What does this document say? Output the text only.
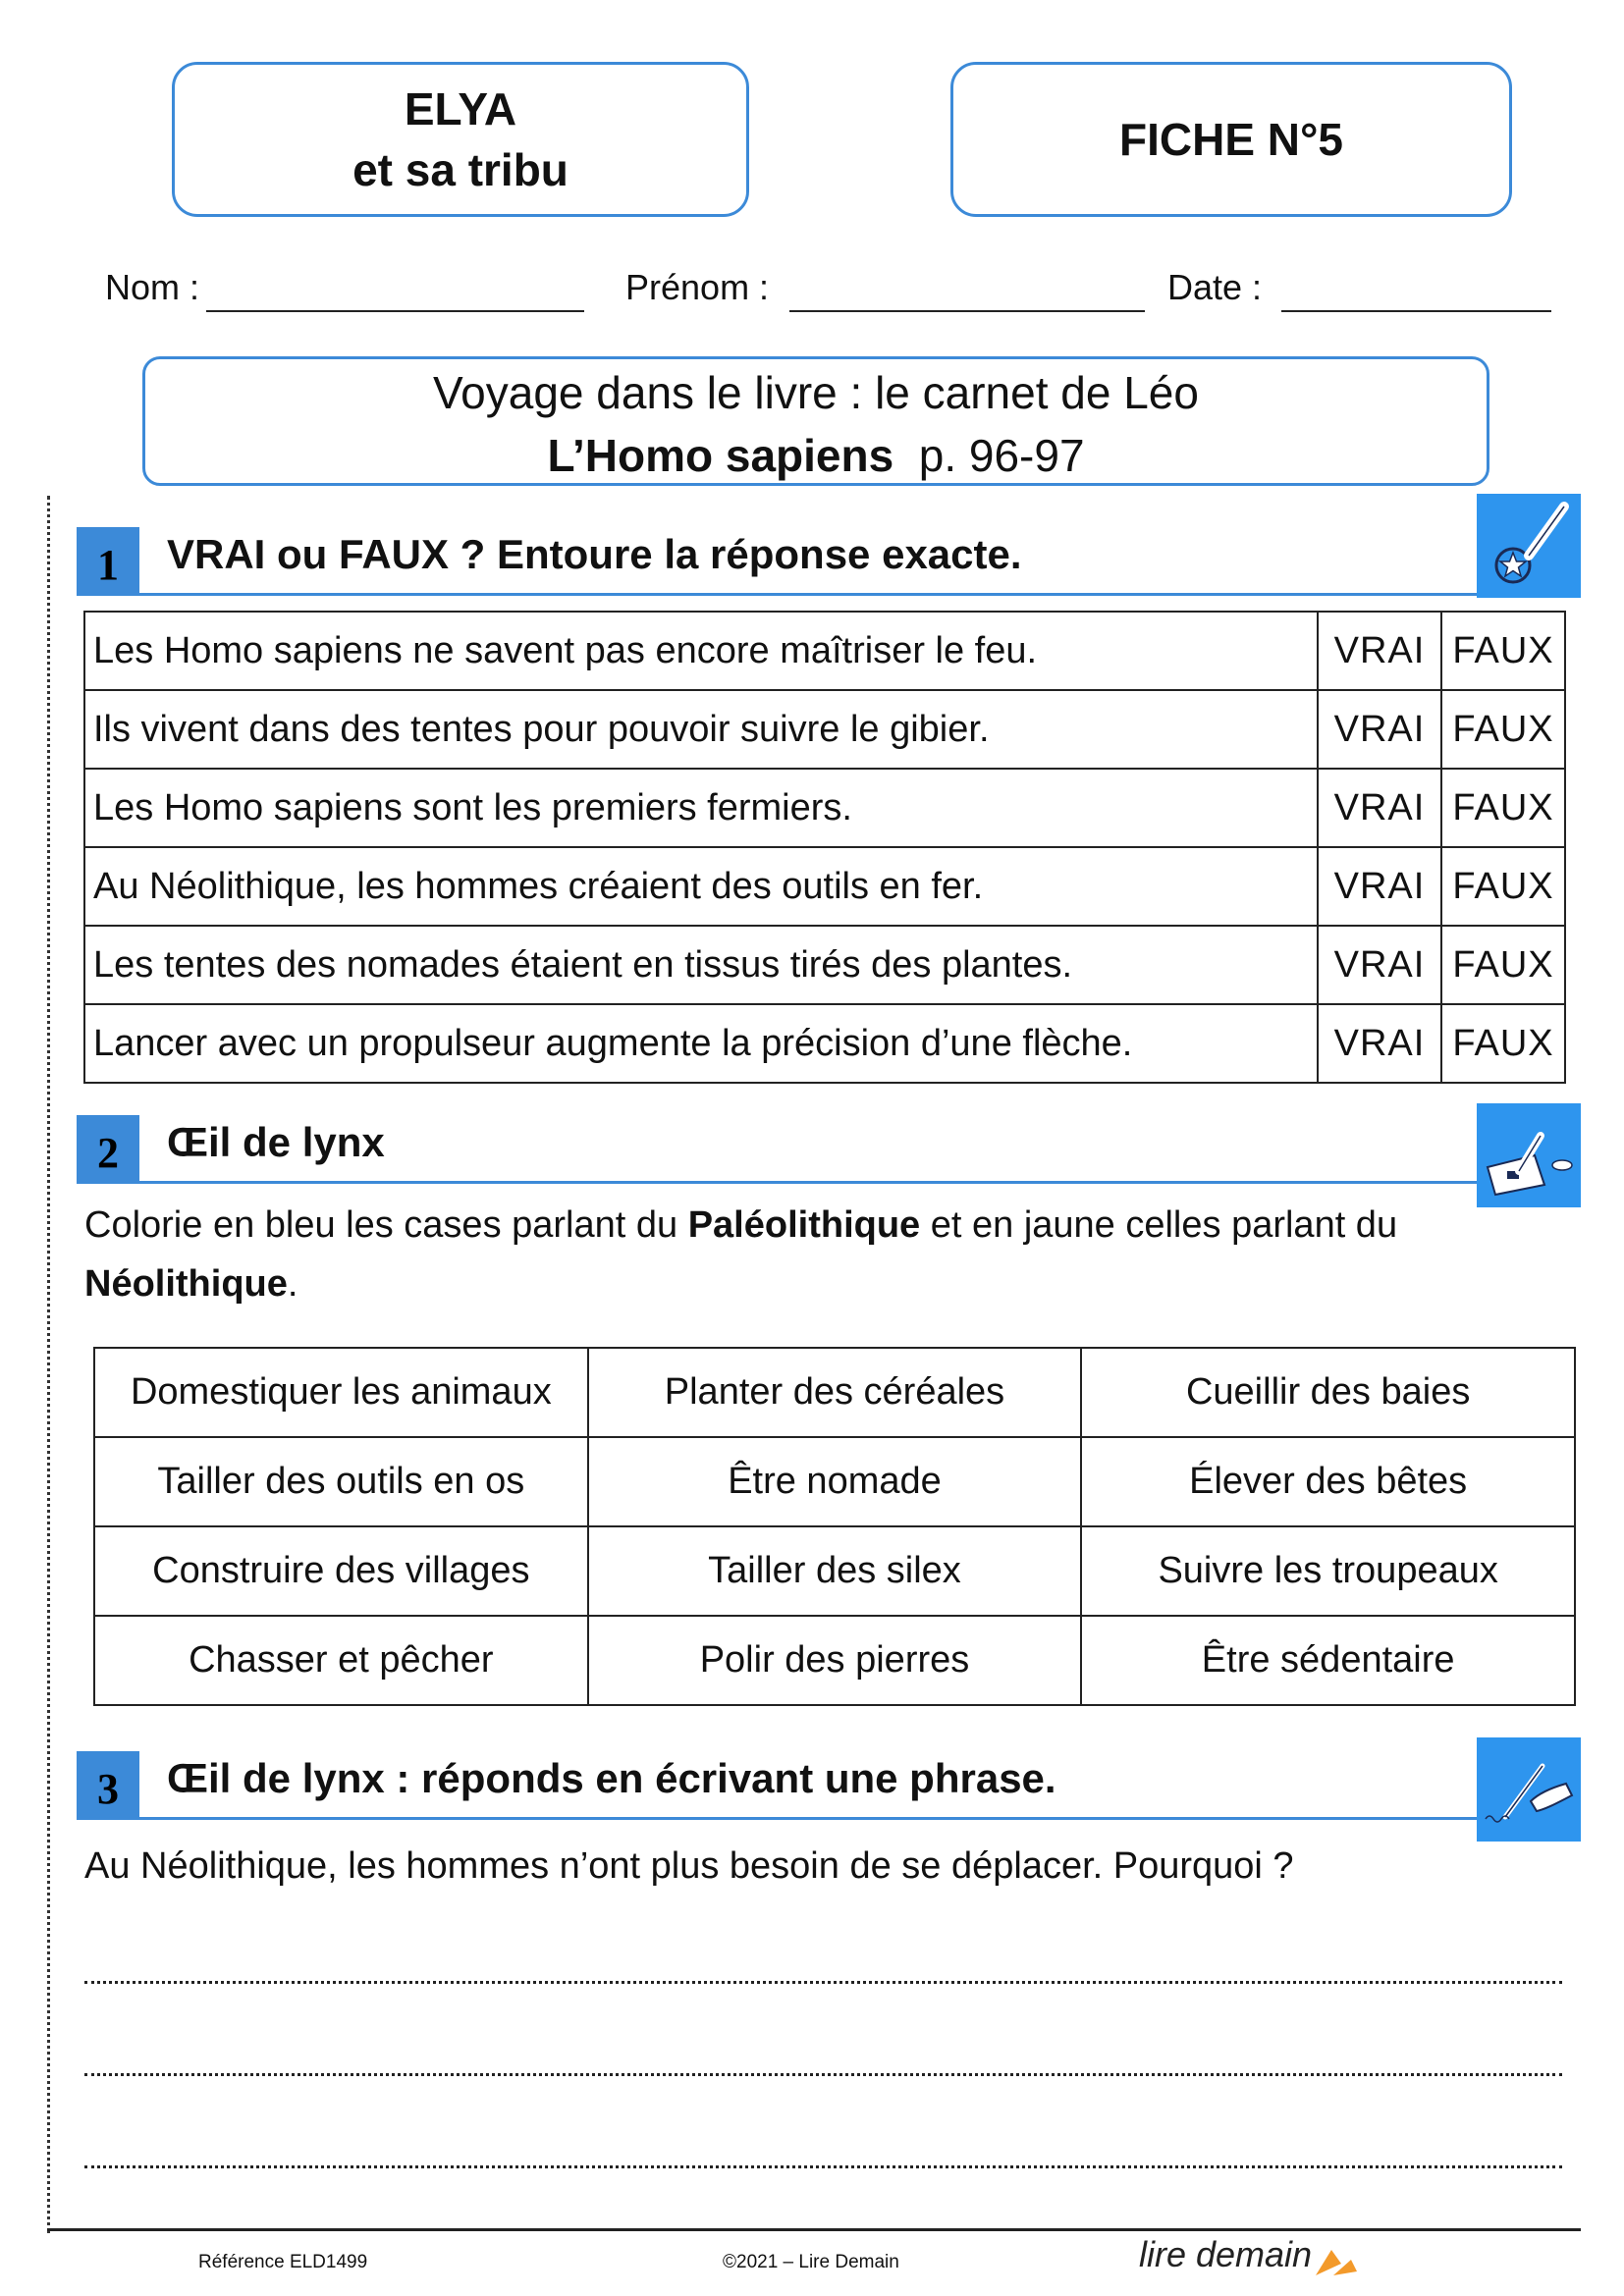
ELYA
et sa tribu
FICHE N°5
Nom :	Prénom :	Date :
Voyage dans le livre : le carnet de Léo
L’Homo sapiens p. 96-97
1	VRAI ou FAUX ? Entoure la réponse exacte.
Les Homo sapiens ne savent pas encore maîtriser le feu.	VRAI	FAUX
Ils vivent dans des tentes pour pouvoir suivre le gibier.	VRAI	FAUX
Les Homo sapiens sont les premiers fermiers.	VRAI	FAUX
Au Néolithique, les hommes créaient des outils en fer.	VRAI	FAUX
Les tentes des nomades étaient en tissus tirés des plantes.	VRAI	FAUX
Lancer avec un propulseur augmente la précision d’une flèche.	VRAI	FAUX
2	Œil de lynx
Colorie en bleu les cases parlant du Paléolithique et en jaune celles parlant du Néolithique.
Domestiquer les animaux	Planter des céréales	Cueillir des baies
Tailler des outils en os	Être nomade	Élever des bêtes
Construire des villages	Tailler des silex	Suivre les troupeaux
Chasser et pêcher	Polir des pierres	Être sédentaire
3	Œil de lynx : réponds en écrivant une phrase.
Au Néolithique, les hommes n’ont plus besoin de se déplacer. Pourquoi ?
Référence ELD1499	©2021 – Lire Demain	lire demain
